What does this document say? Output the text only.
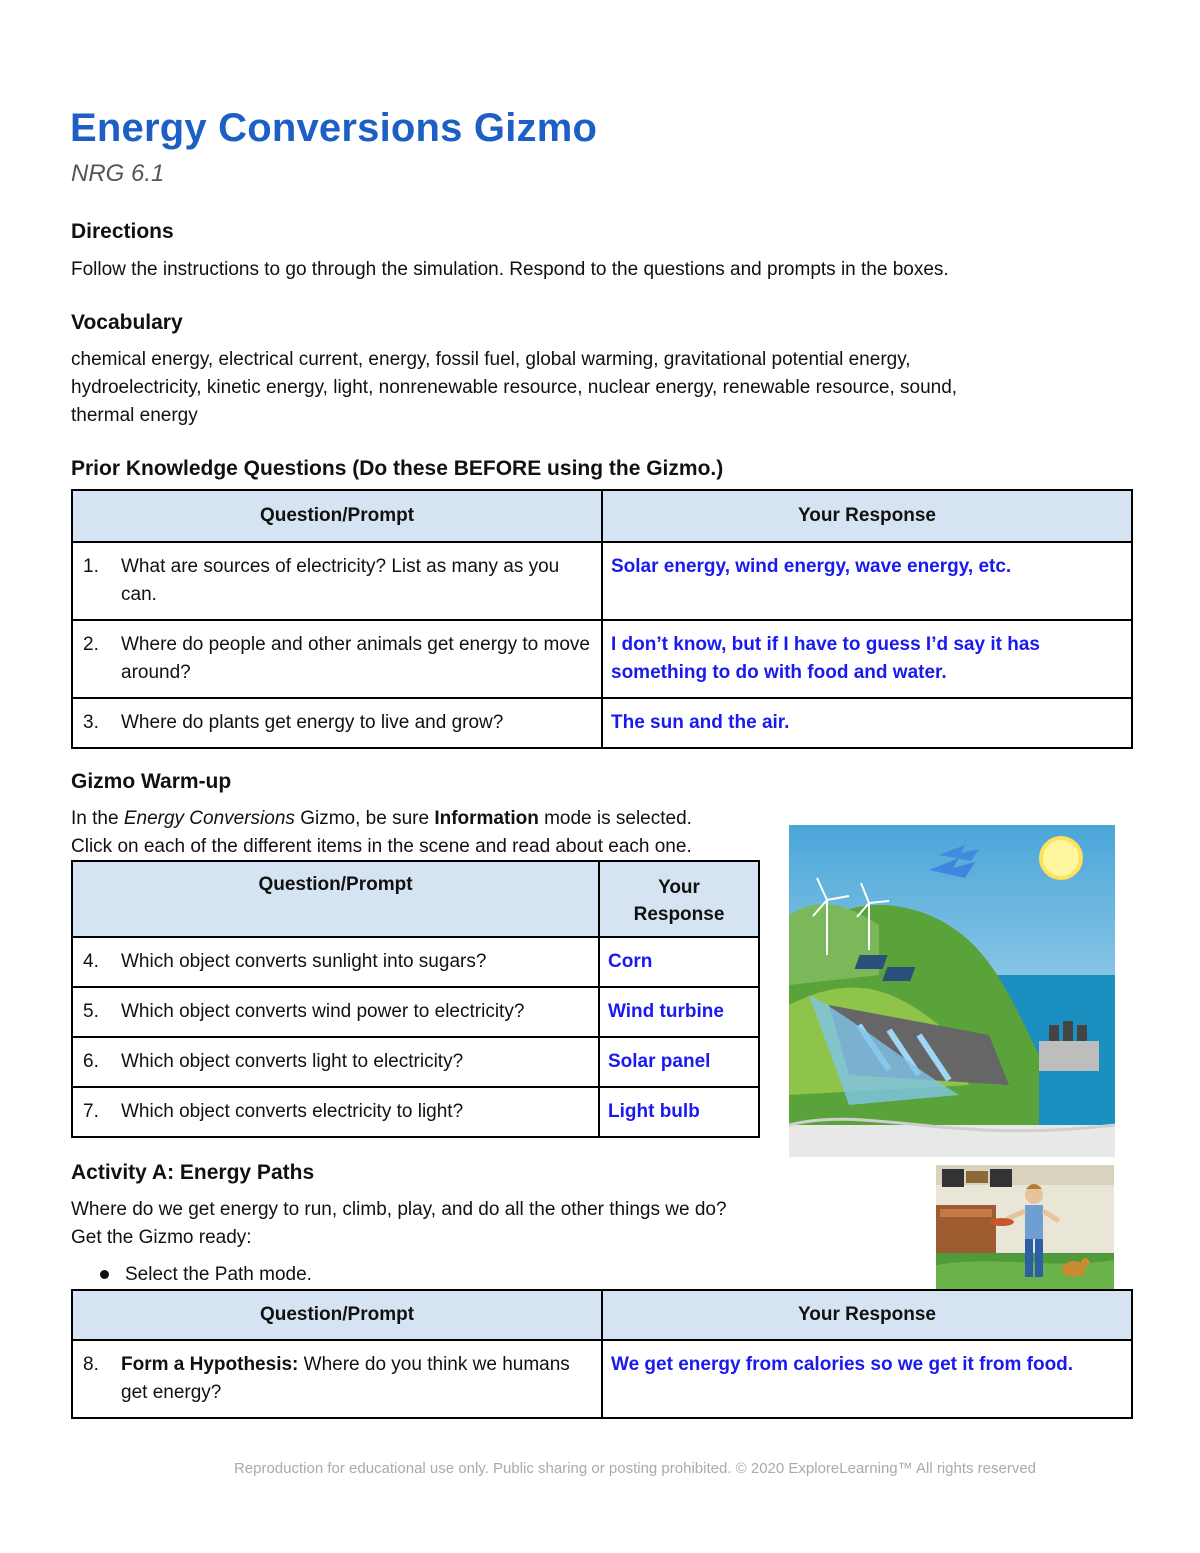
Energy Conversions Gizmo
NRG 6.1
Directions
Follow the instructions to go through the simulation. Respond to the questions and prompts in the boxes.
Vocabulary
chemical energy, electrical current, energy, fossil fuel, global warming, gravitational potential energy,
hydroelectricity, kinetic energy, light, nonrenewable resource, nuclear energy, renewable resource, sound,
thermal energy
Prior Knowledge Questions (Do these BEFORE using the Gizmo.)
Question/Prompt	Your Response

1. What are sources of electricity? List as many as you can.	Solar energy, wind energy, wave energy, etc.

2. Where do people and other animals get energy to move around?	I don’t know, but if I have to guess I’d say it has something to do with food and water.

3. Where do plants get energy to live and grow?	The sun and the air.
Gizmo Warm-up
In the Energy Conversions Gizmo, be sure Information mode is selected.
Click on each of the different items in the scene and read about each one.
Question/Prompt	Your Response

4. Which object converts sunlight into sugars?	Corn

5. Which object converts wind power to electricity?	Wind turbine

6. Which object converts light to electricity?	Solar panel

7. Which object converts electricity to light?	Light bulb
Activity A: Energy Paths
Where do we get energy to run, climb, play, and do all the other things we do?
Get the Gizmo ready:
Select the Path mode.
Question/Prompt	Your Response

8. Form a Hypothesis: Where do you think we humans get energy?	We get energy from calories so we get it from food.
Reproduction for educational use only. Public sharing or posting prohibited. © 2020 ExploreLearning™ All rights reserved
